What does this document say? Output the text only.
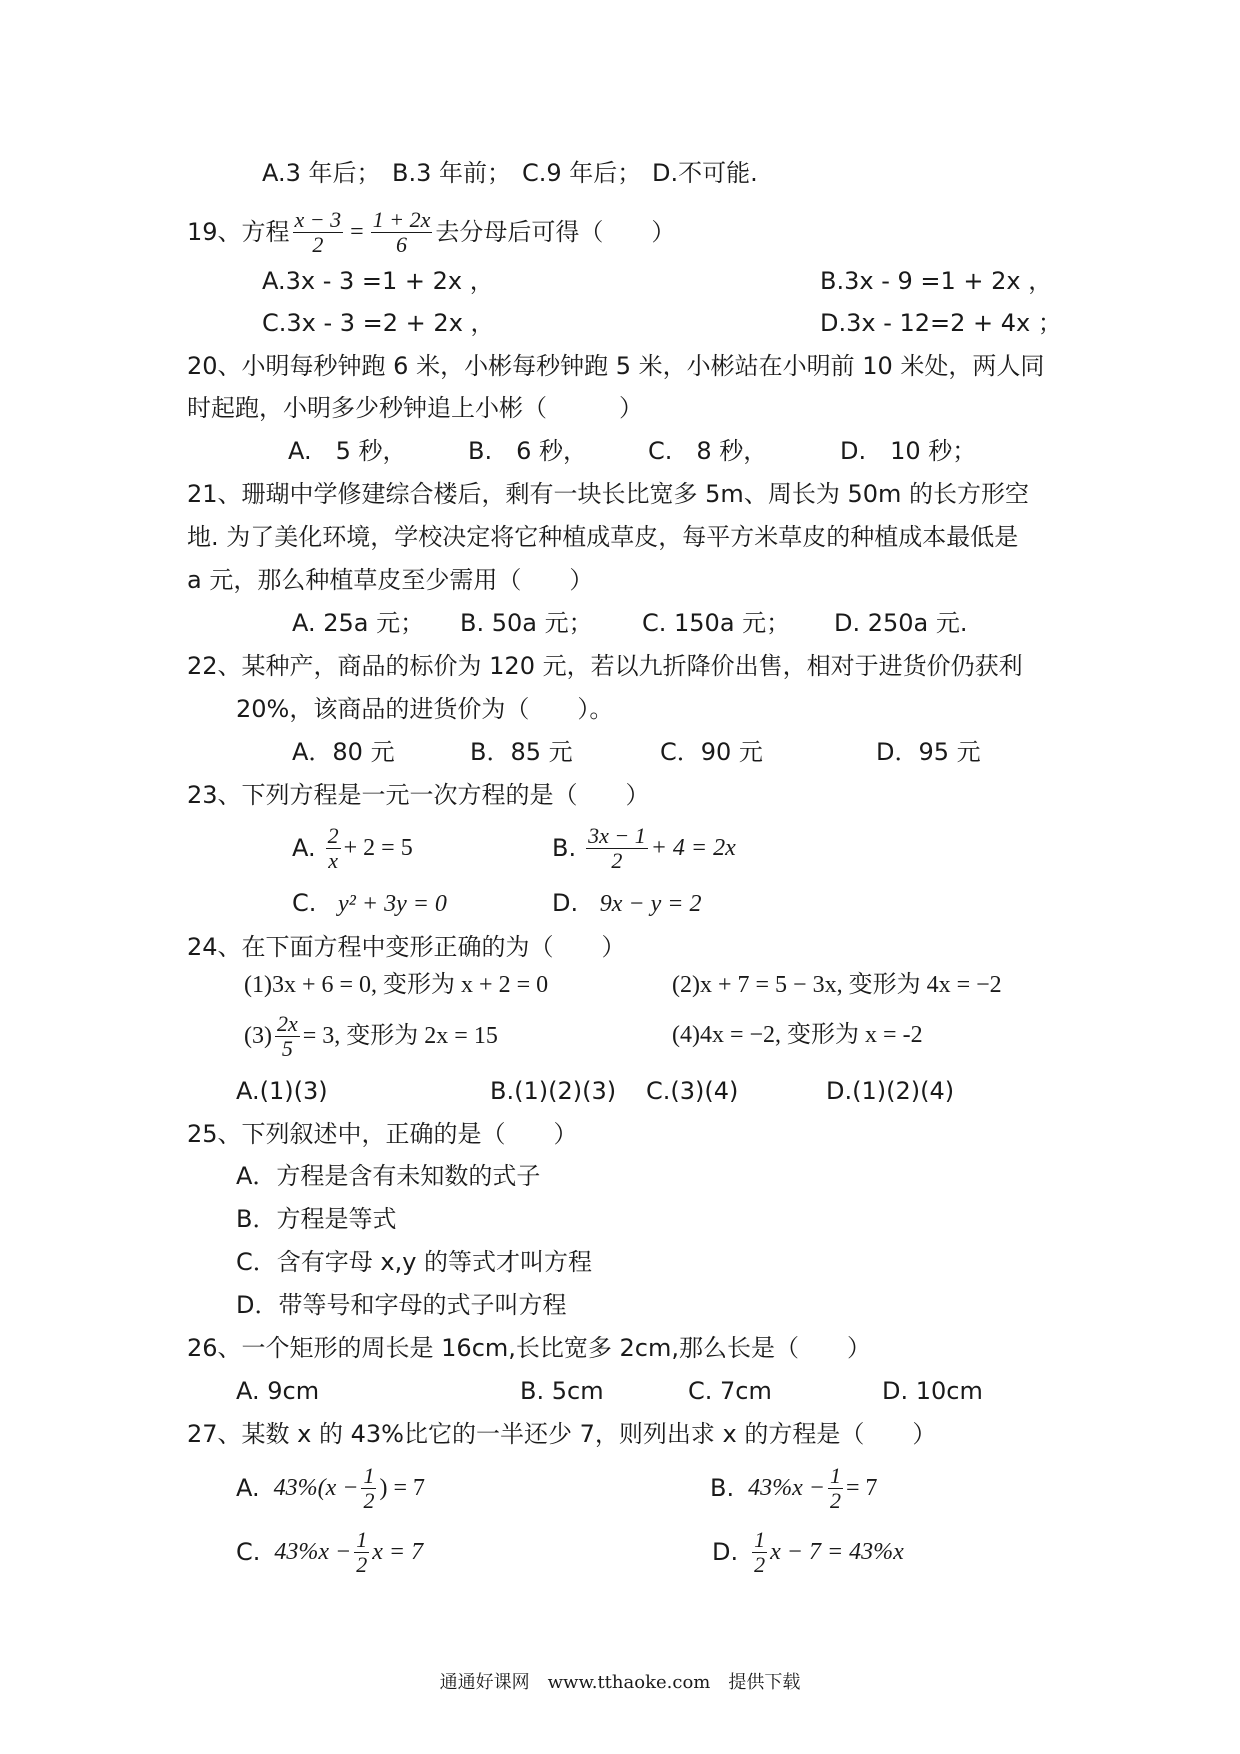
A.3 年后； B.3 年前； C.9 年后； D.不可能.
19、方程 $\frac{x - 3}{2} = \frac{1 + 2x}{6}$ 去分母后可得（　　）
A.3x - 3 =1 + 2x ，	B.3x - 9 =1 + 2x ，
C.3x - 3 =2 + 2x ，	D.3x - 12=2 + 4x ；
20、小明每秒钟跑 6 米，小彬每秒钟跑 5 米，小彬站在小明前 10 米处，两人同
时起跑，小明多少秒钟追上小彬（　　　）
A.　5 秒，	B.　6 秒，	C.　8 秒，	D.　10 秒；
21、珊瑚中学修建综合楼后，剩有一块长比宽多 5m、周长为 50m 的长方形空
地. 为了美化环境，学校决定将它种植成草皮，每平方米草皮的种植成本最低是
a 元，那么种植草皮至少需用（　　）
A. 25a 元； B. 50a 元； C. 150a 元； D. 250a 元.
22、某种产，商品的标价为 120 元，若以九折降价出售，相对于进货价仍获利
20%，该商品的进货价为（　　）。
A．80 元	B．85 元	C．90 元	D．95 元
23、下列方程是一元一次方程的是（　　）
A. $\frac{2}{x} + 2 = 5$	B. $\frac{3x - 1}{2} + 4 = 2x$
C. y² + 3y = 0	D. 9x − y = 2
24、在下面方程中变形正确的为（　　）
(1)3x + 6 = 0, 变形为 x + 2 = 0	(2)x + 7 = 5 − 3x, 变形为 4x = −2
$(3) \frac{2x}{5} = 3$, 变形为 2x = 15	(4)4x = −2, 变形为 x = -2
A.(1)(3)	B.(1)(2)(3) C.(3)(4)	D.(1)(2)(4)
25、下列叙述中，正确的是（　　）
A．方程是含有未知数的式子
B．方程是等式
C．含有字母 x,y 的等式才叫方程
D．带等号和字母的式子叫方程
26、一个矩形的周长是 16cm,长比宽多 2cm,那么长是（　　）
A. 9cm	B. 5cm	C. 7cm	D. 10cm
27、某数 x 的 43%比它的一半还少 7，则列出求 x 的方程是（　　）
A. $43\%(x - \frac{1}{2}$ ) = 7	B. $43\%x - \frac{1}{2} = 7$
C. $43\%x - \frac{1}{2}$ x = 7	D. $\frac{1}{2}$ x − 7 = 43%x
通通好课网　www.tthaoke.com　提供下载
